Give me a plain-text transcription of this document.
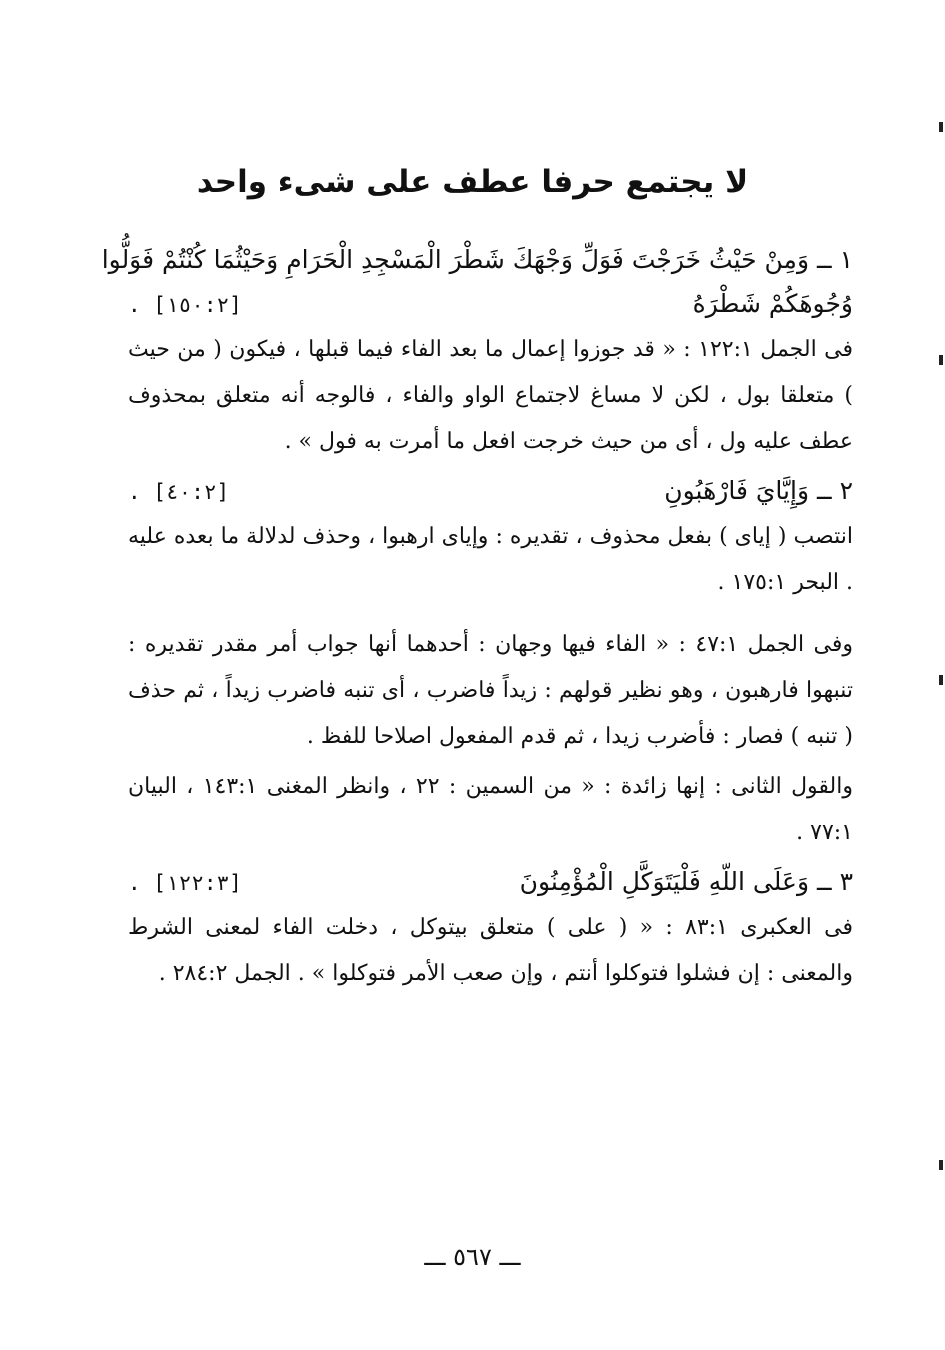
لا يجتمع حرفا عطف على شىء واحد
١ ــ وَمِنْ حَيْثُ خَرَجْتَ فَوَلِّ وَجْهَكَ شَطْرَ الْمَسْجِدِ الْحَرَامِ وَحَيْثُمَا كُنْتُمْ فَوَلُّوا
وُجُوهَكُمْ شَطْرَهُ
[١٥٠:٢] .

فى الجمل ١٢٢:١ : « قد جوزوا إعمال ما بعد الفاء فيما قبلها ، فيكون ( من حيث ) متعلقا بول ، لكن لا مساغ لاجتماع الواو والفاء ، فالوجه أنه متعلق بمحذوف عطف عليه ول ، أى من حيث خرجت افعل ما أمرت به فول » .

٢ ــ وَإِيَّايَ فَارْهَبُونِ
[٤٠:٢] .

انتصب ( إياى ) بفعل محذوف ، تقديره : وإياى ارهبوا ، وحذف لدلالة ما بعده عليه . البحر ١٧٥:١ .

وفى الجمل ٤٧:١ : « الفاء فيها وجهان : أحدهما أنها جواب أمر مقدر تقديره : تنبهوا فارهبون ، وهو نظير قولهم : زيداً فاضرب ، أى تنبه فاضرب زيداً ، ثم حذف ( تنبه ) فصار : فأضرب زيدا ، ثم قدم المفعول اصلاحا للفظ .

والقول الثانى : إنها زائدة : « من السمين : ٢٢ ، وانظر المغنى ١٤٣:١ ، البيان ٧٧:١ .

٣ ــ وَعَلَى اللّهِ فَلْيَتَوَكَّلِ الْمُؤْمِنُونَ
[١٢٢:٣] .

فى العكبرى ٨٣:١ : « ( على ) متعلق بيتوكل ، دخلت الفاء لمعنى الشرط والمعنى : إن فشلوا فتوكلوا أنتم ، وإن صعب الأمر فتوكلوا » . الجمل ٢٨٤:٢ .

ـــ ٥٦٧ ـــ
